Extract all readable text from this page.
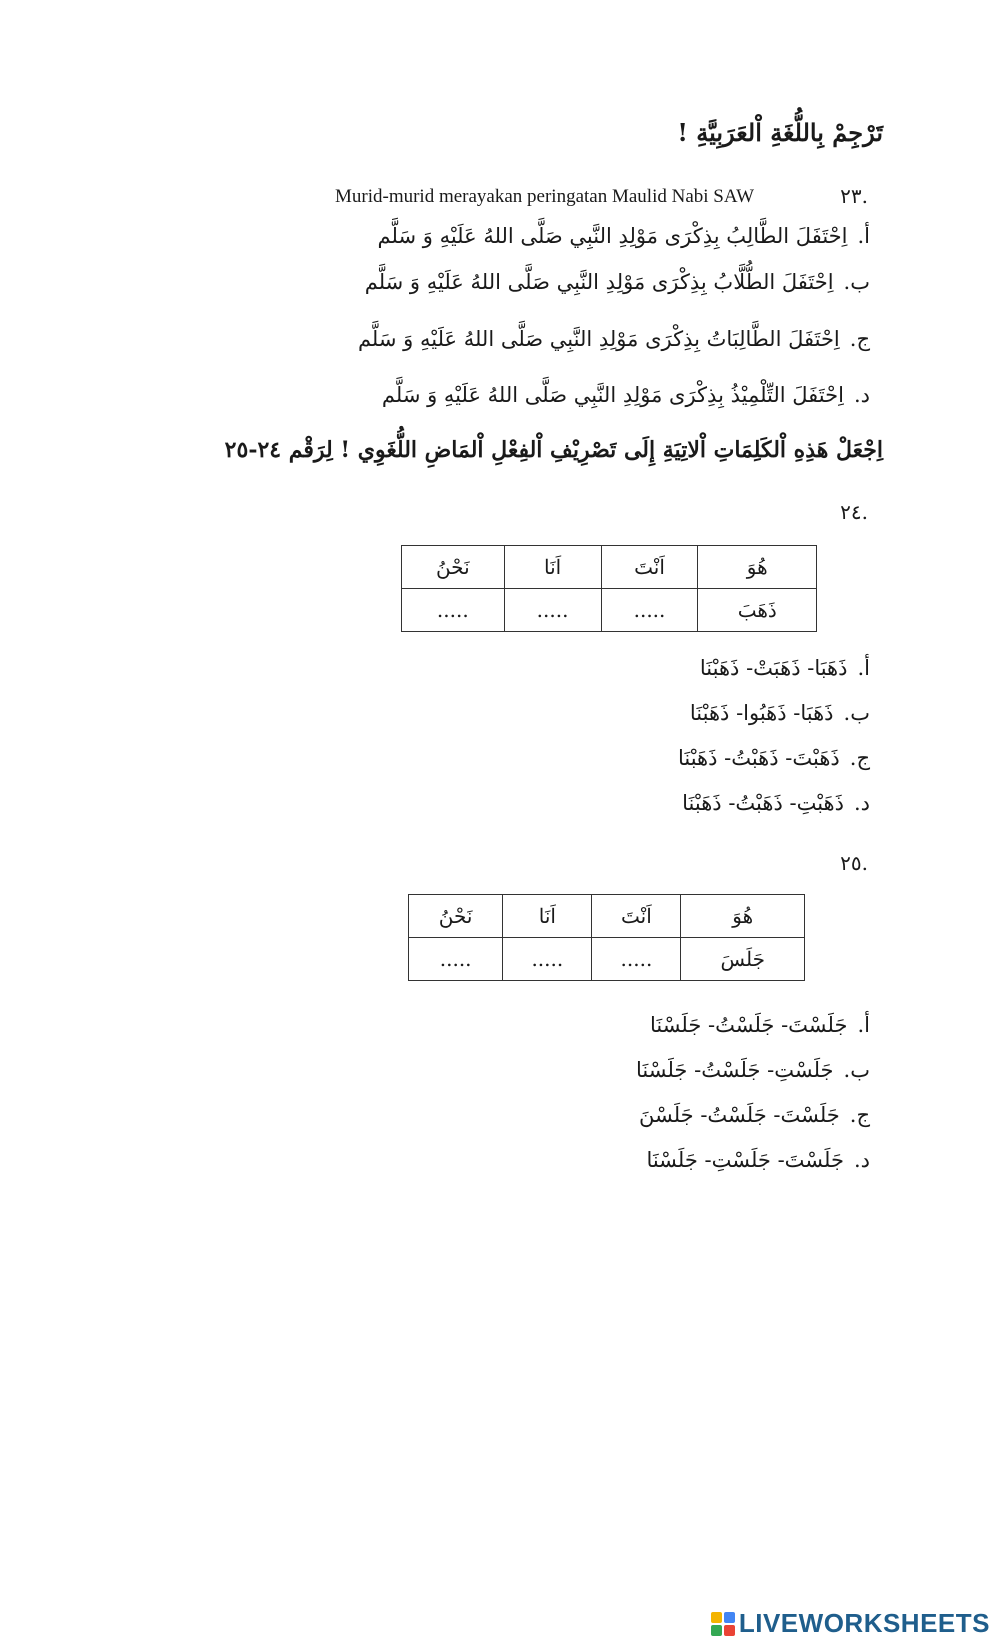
تَرْجِمْ بِاللُّغَةِ اْلعَرَبِيَّةِ !
٢٣.
Murid-murid merayakan peringatan Maulid Nabi SAW
أ.اِحْتَفَلَ الطَّالِبُ بِذِكْرَى مَوْلِدِ النَّبِي صَلَّى اللهُ عَلَيْهِ وَ سَلَّم
ب.اِحْتَفَلَ الطُّلَّابُ بِذِكْرَى مَوْلِدِ النَّبِي صَلَّى اللهُ عَلَيْهِ وَ سَلَّم
ج.اِحْتَفَلَ الطَّالِبَاتُ بِذِكْرَى مَوْلِدِ النَّبِي صَلَّى اللهُ عَلَيْهِ وَ سَلَّم
د.اِحْتَفَلَ التِّلْمِيْذُ بِذِكْرَى مَوْلِدِ النَّبِي صَلَّى اللهُ عَلَيْهِ وَ سَلَّم
اِجْعَلْ هَذِهِ اْلكَلِمَاتِ اْلاتِيَةِ إِلَى تَصْرِيْفِ اْلفِعْلِ اْلمَاضِ اللُّغَوِي ! لِرَقْم ٢٤-٢٥
٢٤.
هُوَ	اَنْتَ	اَنَا	نَحْنُ
ذَهَبَ	.....	.....	.....
أ.ذَهَبَا- ذَهَبَتْ- ذَهَبْنَا
ب.ذَهَبَا- ذَهَبُوا- ذَهَبْنَا
ج.ذَهَبْتَ- ذَهَبْتُ- ذَهَبْنَا
د.ذَهَبْتِ- ذَهَبْتُ- ذَهَبْنَا
٢٥.
هُوَ	اَنْتَ	اَنَا	نَحْنُ
جَلَسَ	.....	.....	.....
أ.جَلَسْتَ- جَلَسْتُ- جَلَسْنَا
ب.جَلَسْتِ- جَلَسْتُ- جَلَسْنَا
ج.جَلَسْتَ- جَلَسْتُ- جَلَسْنَ
د.جَلَسْتَ- جَلَسْتِ- جَلَسْنَا
LIVEWORKSHEETS
